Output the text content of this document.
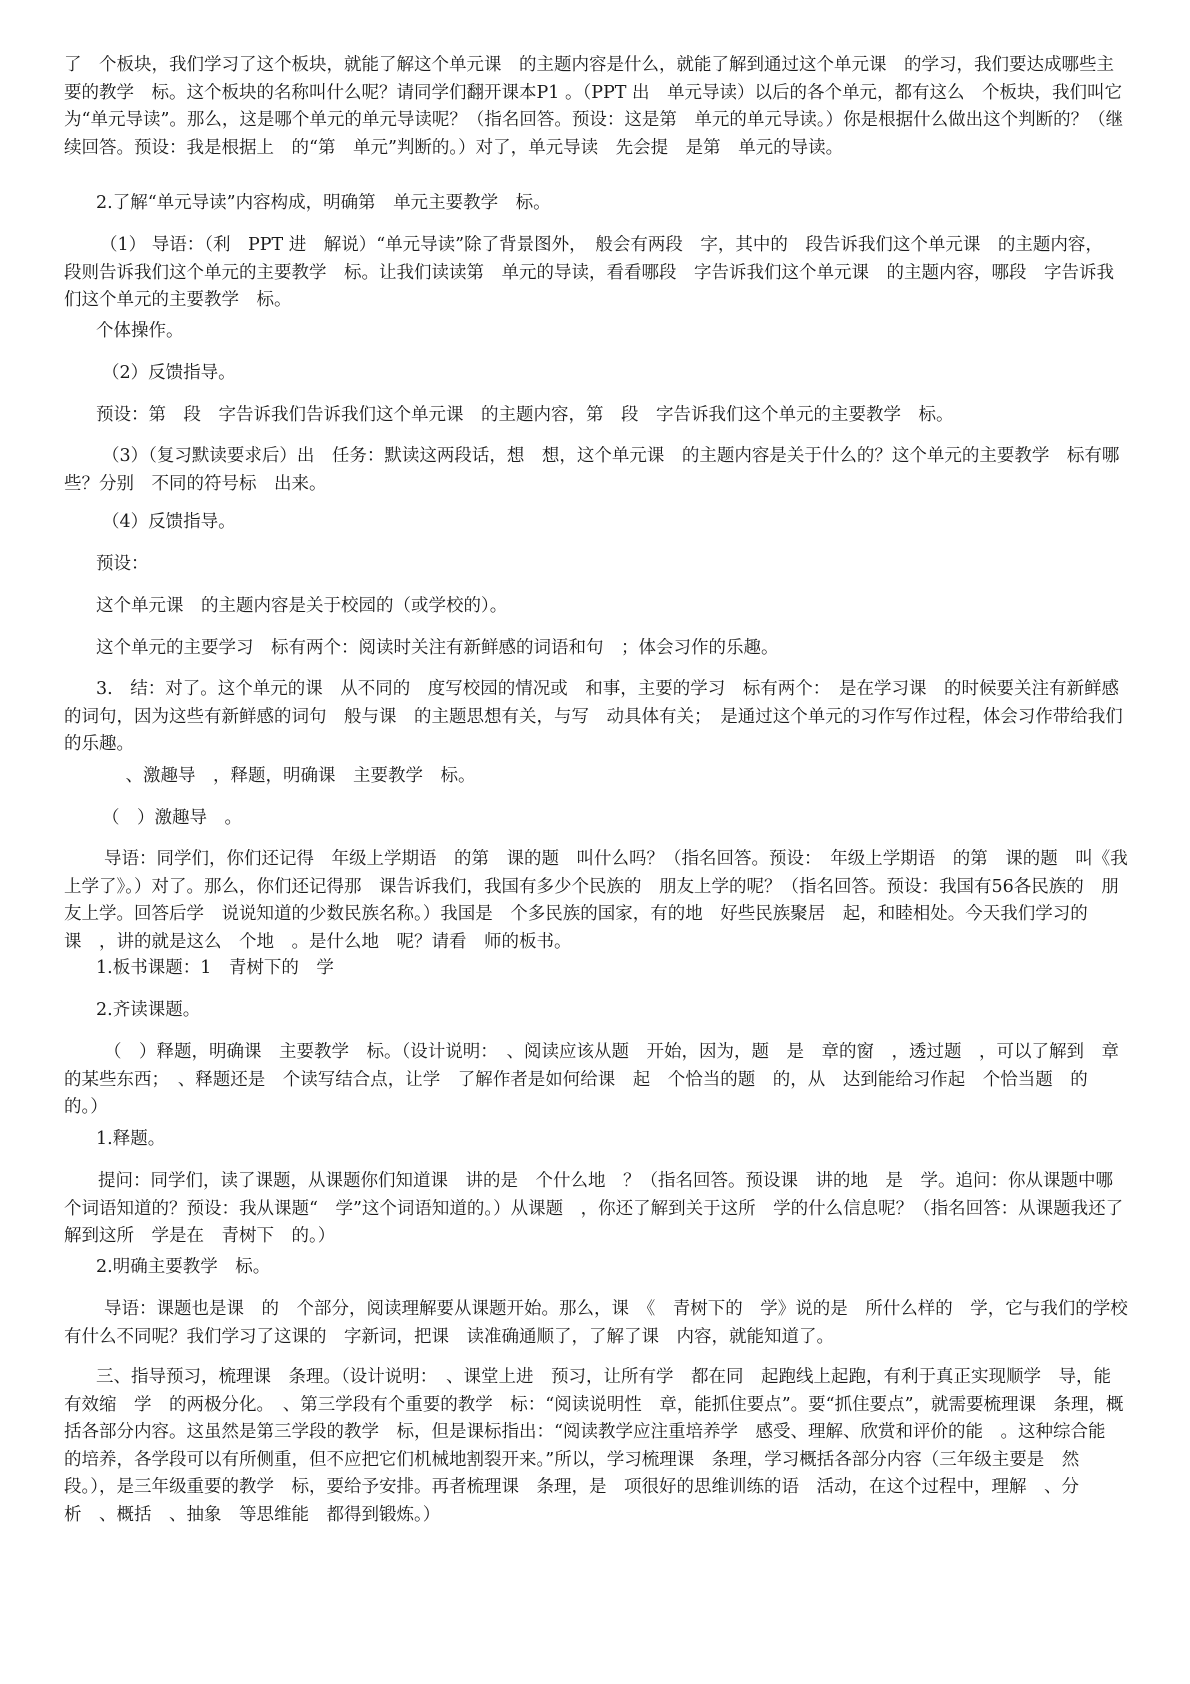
了　个板块，我们学习了这个板块，就能了解这个单元课　的主题内容是什么，就能了解到通过这个单元课　的学习，我们要达成哪些主要的教学　标。这个板块的名称叫什么呢？请同学们翻开课本P1 。（PPT 出　单元导读）以后的各个单元，都有这么　个板块，我们叫它为“单元导读”。那么，这是哪个单元的单元导读呢？（指名回答。预设：这是第　单元的单元导读。）你是根据什么做出这个判断的？（继续回答。预设：我是根据上　的“第　单元”判断的。）对了，单元导读　先会提　是第　单元的导读。

2.了解“单元导读”内容构成，明确第　单元主要教学　标。

（1） 导语：（利　PPT 进　解说）“单元导读”除了背景图外，　般会有两段　字，其中的　段告诉我们这个单元课　的主题内容，　段则告诉我们这个单元的主要教学　标。让我们读读第　单元的导读，看看哪段　字告诉我们这个单元课　的主题内容，哪段　字告诉我们这个单元的主要教学　标。

个体操作。

（2）反馈指导。

预设：第　段　字告诉我们告诉我们这个单元课　的主题内容，第　段　字告诉我们这个单元的主要教学　标。

（3）（复习默读要求后）出　任务：默读这两段话，想　想，这个单元课　的主题内容是关于什么的？这个单元的主要教学　标有哪些？分别　不同的符号标　出来。

（4）反馈指导。

预设：

这个单元课　的主题内容是关于校园的（或学校的）。

这个单元的主要学习　标有两个：阅读时关注有新鲜感的词语和句　；体会习作的乐趣。

3.　结：对了。这个单元的课　从不同的　度写校园的情况或　和事，主要的学习　标有两个：　是在学习课　的时候要关注有新鲜感的词句，因为这些有新鲜感的词句　般与课　的主题思想有关，与写　动具体有关；　是通过这个单元的习作写作过程，体会习作带给我们的乐趣。

　、激趣导　，释题，明确课　主要教学　标。

（　）激趣导　。

导语：同学们，你们还记得　年级上学期语　的第　课的题　叫什么吗？（指名回答。预设：　年级上学期语　的第　课的题　叫《我上学了》。）对了。那么，你们还记得那　课告诉我们，我国有多少个民族的　朋友上学的呢？（指名回答。预设：我国有56各民族的　朋友上学。回答后学　说说知道的少数民族名称。）我国是　个多民族的国家，有的地　好些民族聚居　起，和睦相处。今天我们学习的课　，讲的就是这么　个地　。是什么地　呢？请看　师的板书。

1.板书课题：1　青树下的　学

2.齐读课题。

（　）释题，明确课　主要教学　标。（设计说明：　、阅读应该从题　开始，因为，题　是　章的窗　，透过题　，可以了解到　章的某些东西；　、释题还是　个读写结合点，让学　了解作者是如何给课　起　个恰当的题　的，从　达到能给习作起　个恰当题　的　的。）

1.释题。

提问：同学们，读了课题，从课题你们知道课　讲的是　个什么地　？（指名回答。预设课　讲的地　是　学。追问：你从课题中哪个词语知道的？预设：我从课题“　学”这个词语知道的。）从课题　，你还了解到关于这所　学的什么信息呢？（指名回答：从课题我还了解到这所　学是在　青树下　的。）

2.明确主要教学　标。

导语：课题也是课　的　个部分，阅读理解要从课题开始。那么，课　《　青树下的　学》说的是　所什么样的　学，它与我们的学校有什么不同呢？我们学习了这课的　字新词，把课　读准确通顺了，了解了课　内容，就能知道了。

三、指导预习，梳理课　条理。（设计说明：　、课堂上进　预习，让所有学　都在同　起跑线上起跑，有利于真正实现顺学　导，能有效缩　学　的两极分化。　、第三学段有个重要的教学　标：“阅读说明性　章，能抓住要点”。要“抓住要点”，就需要梳理课　条理，概括各部分内容。这虽然是第三学段的教学　标，但是课标指出：“阅读教学应注重培养学　感受、理解、欣赏和评价的能　。这种综合能　的培养，各学段可以有所侧重，但不应把它们机械地割裂开来。”所以，学习梳理课　条理，学习概括各部分内容（三年级主要是　然段。），是三年级重要的教学　标，要给予安排。再者梳理课　条理，是　项很好的思维训练的语　活动，在这个过程中，理解　、分析　、概括　、抽象　等思维能　都得到锻炼。）
